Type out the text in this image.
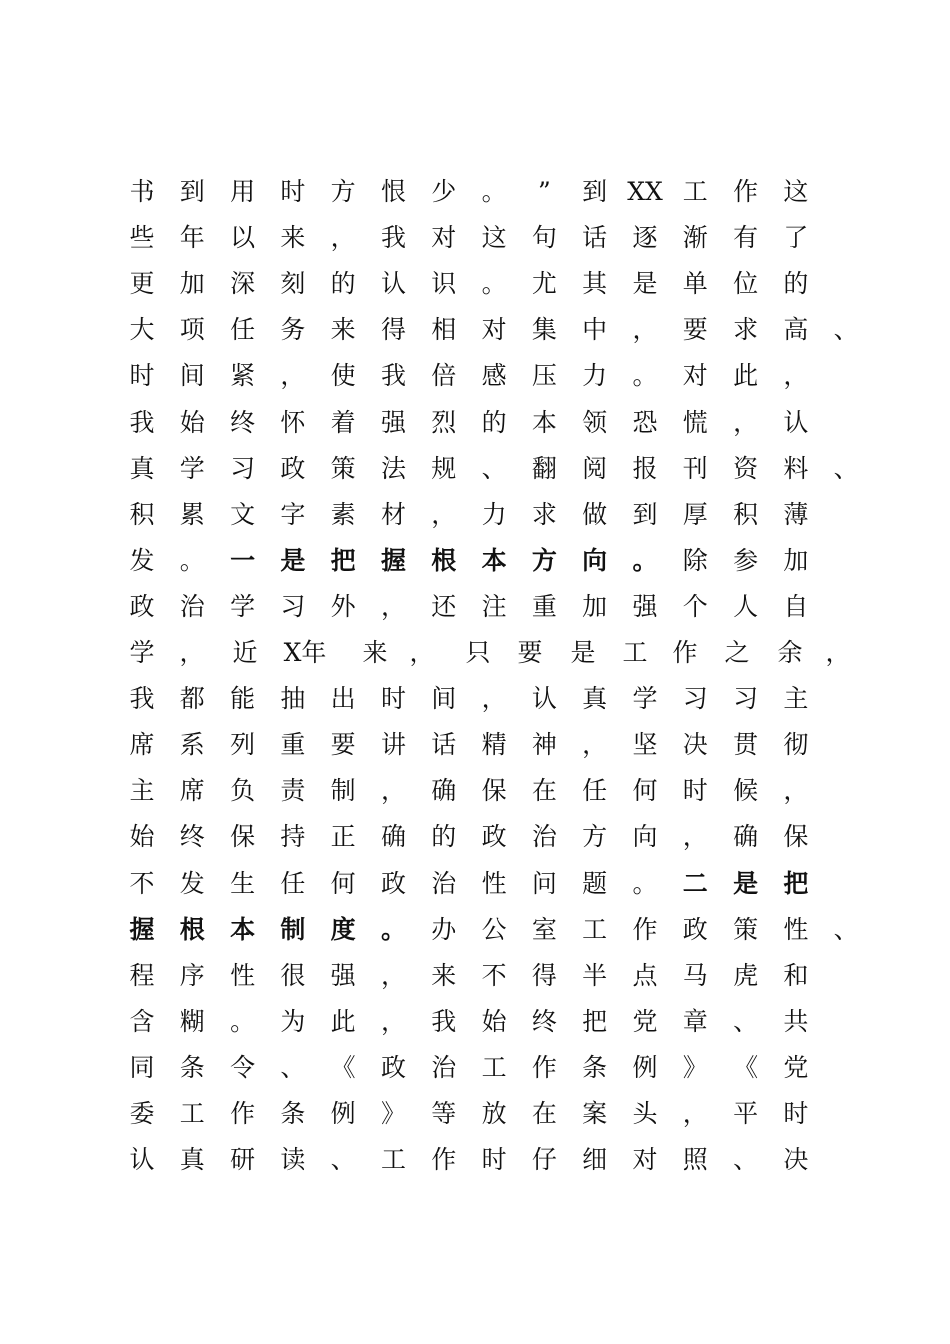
书 到 用 时 方 恨 少 。	”	到 XX 工 作 这
些 年 以 来 ， 我 对 这 句 话 逐 渐 有 了
更 加 深 刻 的 认 识 。 尤 其 是 单 位 的
大 项 任 务 来 得 相 对 集 中 ， 要 求 高 、
时 间 紧 ， 使 我 倍 感 压 力 。 对 此 ，
我 始 终 怀 着 强 烈 的 本 领 恐 慌 ， 认
真 学 习 政 策 法 规 、 翻 阅 报 刊 资 料 、
积 累 文 字 素 材 ， 力 求 做 到 厚 积 薄
发 。 一 是 把 握 根 本 方 向 。 除 参 加
政 治 学 习 外 ， 还 注 重 加 强 个 人 自
学 ， 近 X年 来 ， 只 要 是 工 作 之 余 ，
我 都 能 抽 出 时 间 ， 认 真 学 习 习 主
席 系 列 重 要 讲 话 精 神 ， 坚 决 贯 彻
主 席 负 责 制 ， 确 保 在 任 何 时 候 ，
始 终 保 持 正 确 的 政 治 方 向 ， 确 保
不 发 生 任 何 政 治 性 问 题 。 二 是 把
握 根 本 制 度 。 办 公 室 工 作 政 策 性 、
程 序 性 很 强 ， 来 不 得 半 点 马 虎 和
含 糊 。 为 此 ， 我 始 终 把 党 章 、 共
同 条 令 、 《 政 治 工 作 条 例 》 《 党
委 工 作 条 例 》 等 放 在 案 头 ， 平 时
认 真 研 读 、 工 作 时 仔 细 对 照 、 决
